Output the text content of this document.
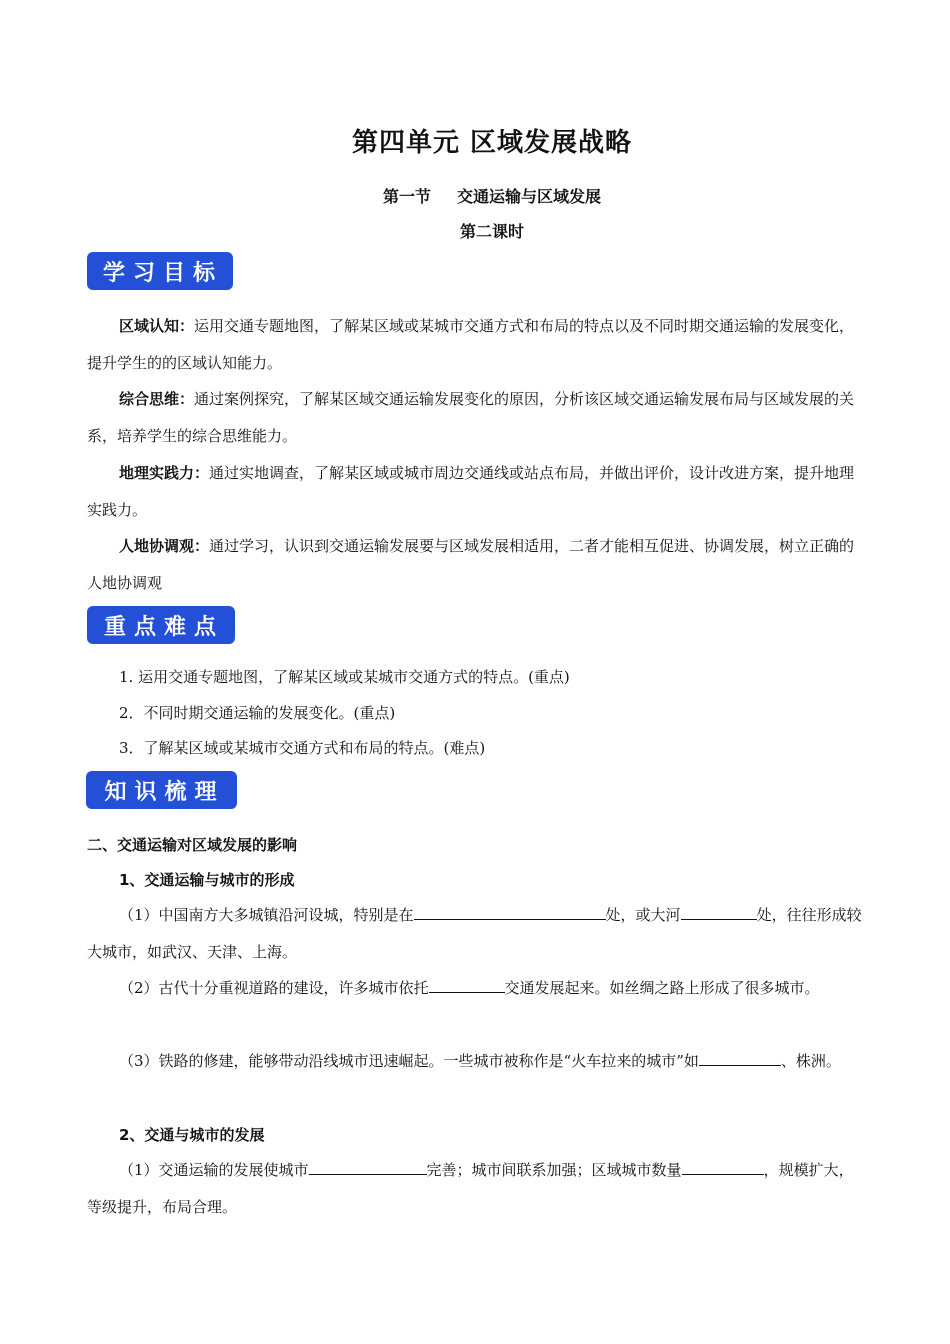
第四单元 区域发展战略
第一节 交通运输与区域发展
第二课时
学习目标
区域认知：运用交通专题地图，了解某区域或某城市交通方式和布局的特点以及不同时期交通运输的发展变化，提升学生的的区域认知能力。
综合思维：通过案例探究，了解某区域交通运输发展变化的原因，分析该区域交通运输发展布局与区域发展的关系，培养学生的综合思维能力。
地理实践力：通过实地调查，了解某区域或城市周边交通线或站点布局，并做出评价，设计改进方案，提升地理实践力。
人地协调观：通过学习，认识到交通运输发展要与区域发展相适用，二者才能相互促进、协调发展，树立正确的人地协调观
重点难点
1. 运用交通专题地图，了解某区域或某城市交通方式的特点。(重点)
2．不同时期交通运输的发展变化。(重点)
3．了解某区域或某城市交通方式和布局的特点。(难点)
知识梳理
二、交通运输对区域发展的影响
1、交通运输与城市的形成
（1）中国南方大多城镇沿河设城，特别是在	处，或大河	处，往往形成较大城市，如武汉、天津、上海。
（2）古代十分重视道路的建设，许多城市依托	交通发展起来。如丝绸之路上形成了很多城市。
（3）铁路的修建，能够带动沿线城市迅速崛起。一些城市被称作是“火车拉来的城市”如	、株洲。
2、交通与城市的发展
（1）交通运输的发展使城市	完善；城市间联系加强；区域城市数量	，规模扩大，等级提升，布局合理。
